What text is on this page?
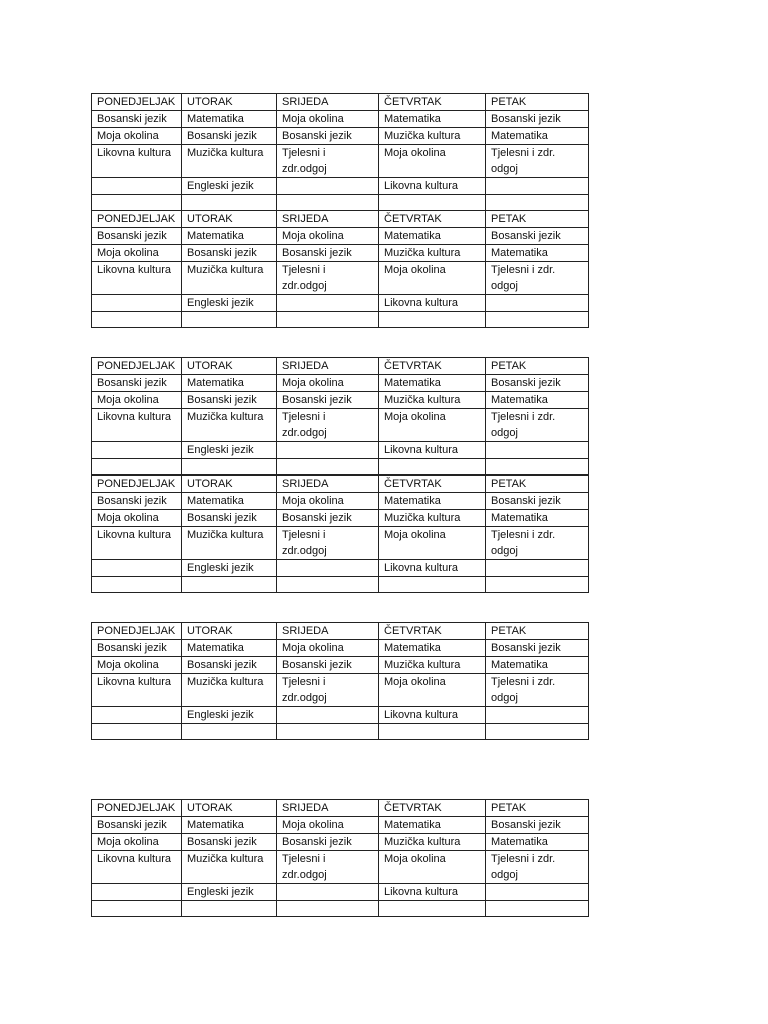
PONEDJELJAK	UTORAK	SRIJEDA	ČETVRTAK	PETAK
Bosanski jezik	Matematika	Moja okolina	Matematika	Bosanski jezik
Moja okolina	Bosanski jezik	Bosanski jezik	Muzička kultura	Matematika
Likovna kultura	Muzička kultura	Tjelesni i zdr.odgoj	Moja okolina	Tjelesni i zdr. odgoj
	Engleski jezik		Likovna kultura	

PONEDJELJAK	UTORAK	SRIJEDA	ČETVRTAK	PETAK
Bosanski jezik	Matematika	Moja okolina	Matematika	Bosanski jezik
Moja okolina	Bosanski jezik	Bosanski jezik	Muzička kultura	Matematika
Likovna kultura	Muzička kultura	Tjelesni i zdr.odgoj	Moja okolina	Tjelesni i zdr. odgoj
	Engleski jezik		Likovna kultura	

PONEDJELJAK	UTORAK	SRIJEDA	ČETVRTAK	PETAK
Bosanski jezik	Matematika	Moja okolina	Matematika	Bosanski jezik
Moja okolina	Bosanski jezik	Bosanski jezik	Muzička kultura	Matematika
Likovna kultura	Muzička kultura	Tjelesni i zdr.odgoj	Moja okolina	Tjelesni i zdr. odgoj
	Engleski jezik		Likovna kultura	

PONEDJELJAK	UTORAK	SRIJEDA	ČETVRTAK	PETAK
Bosanski jezik	Matematika	Moja okolina	Matematika	Bosanski jezik
Moja okolina	Bosanski jezik	Bosanski jezik	Muzička kultura	Matematika
Likovna kultura	Muzička kultura	Tjelesni i zdr.odgoj	Moja okolina	Tjelesni i zdr. odgoj
	Engleski jezik		Likovna kultura	

PONEDJELJAK	UTORAK	SRIJEDA	ČETVRTAK	PETAK
Bosanski jezik	Matematika	Moja okolina	Matematika	Bosanski jezik
Moja okolina	Bosanski jezik	Bosanski jezik	Muzička kultura	Matematika
Likovna kultura	Muzička kultura	Tjelesni i zdr.odgoj	Moja okolina	Tjelesni i zdr. odgoj
	Engleski jezik		Likovna kultura	

PONEDJELJAK	UTORAK	SRIJEDA	ČETVRTAK	PETAK
Bosanski jezik	Matematika	Moja okolina	Matematika	Bosanski jezik
Moja okolina	Bosanski jezik	Bosanski jezik	Muzička kultura	Matematika
Likovna kultura	Muzička kultura	Tjelesni i zdr.odgoj	Moja okolina	Tjelesni i zdr. odgoj
	Engleski jezik		Likovna kultura	
